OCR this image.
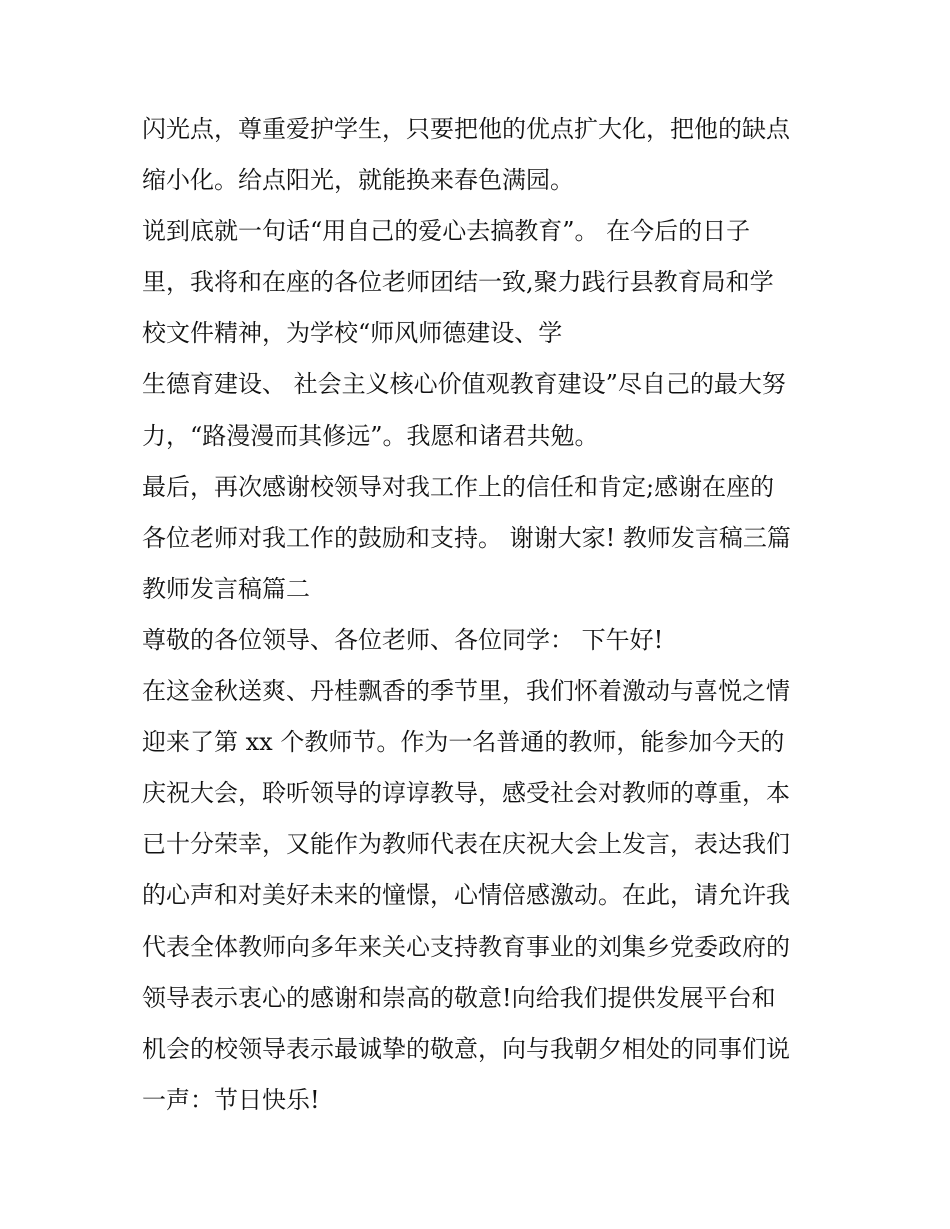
闪光点，尊重爱护学生，只要把他的优点扩大化，把他的缺点
缩小化。给点阳光，就能换来春色满园。
说到底就一句话“用自己的爱心去搞教育”。 在今后的日子
里，我将和在座的各位老师团结一致,聚力践行县教育局和学
校文件精神，为学校“师风师德建设、学
生德育建设、 社会主义核心价值观教育建设”尽自己的最大努
力，“路漫漫而其修远”。我愿和诸君共勉。
最后，再次感谢校领导对我工作上的信任和肯定;感谢在座的
各位老师对我工作的鼓励和支持。 谢谢大家! 教师发言稿三篇
教师发言稿篇二
尊敬的各位领导、各位老师、各位同学： 下午好!
在这金秋送爽、丹桂飘香的季节里，我们怀着激动与喜悦之情
迎来了第 xx 个教师节。作为一名普通的教师，能参加今天的
庆祝大会，聆听领导的谆谆教导，感受社会对教师的尊重，本
已十分荣幸，又能作为教师代表在庆祝大会上发言，表达我们
的心声和对美好未来的憧憬，心情倍感激动。在此，请允许我
代表全体教师向多年来关心支持教育事业的刘集乡党委政府的
领导表示衷心的感谢和崇高的敬意!向给我们提供发展平台和
机会的校领导表示最诚挚的敬意，向与我朝夕相处的同事们说
一声：节日快乐!
